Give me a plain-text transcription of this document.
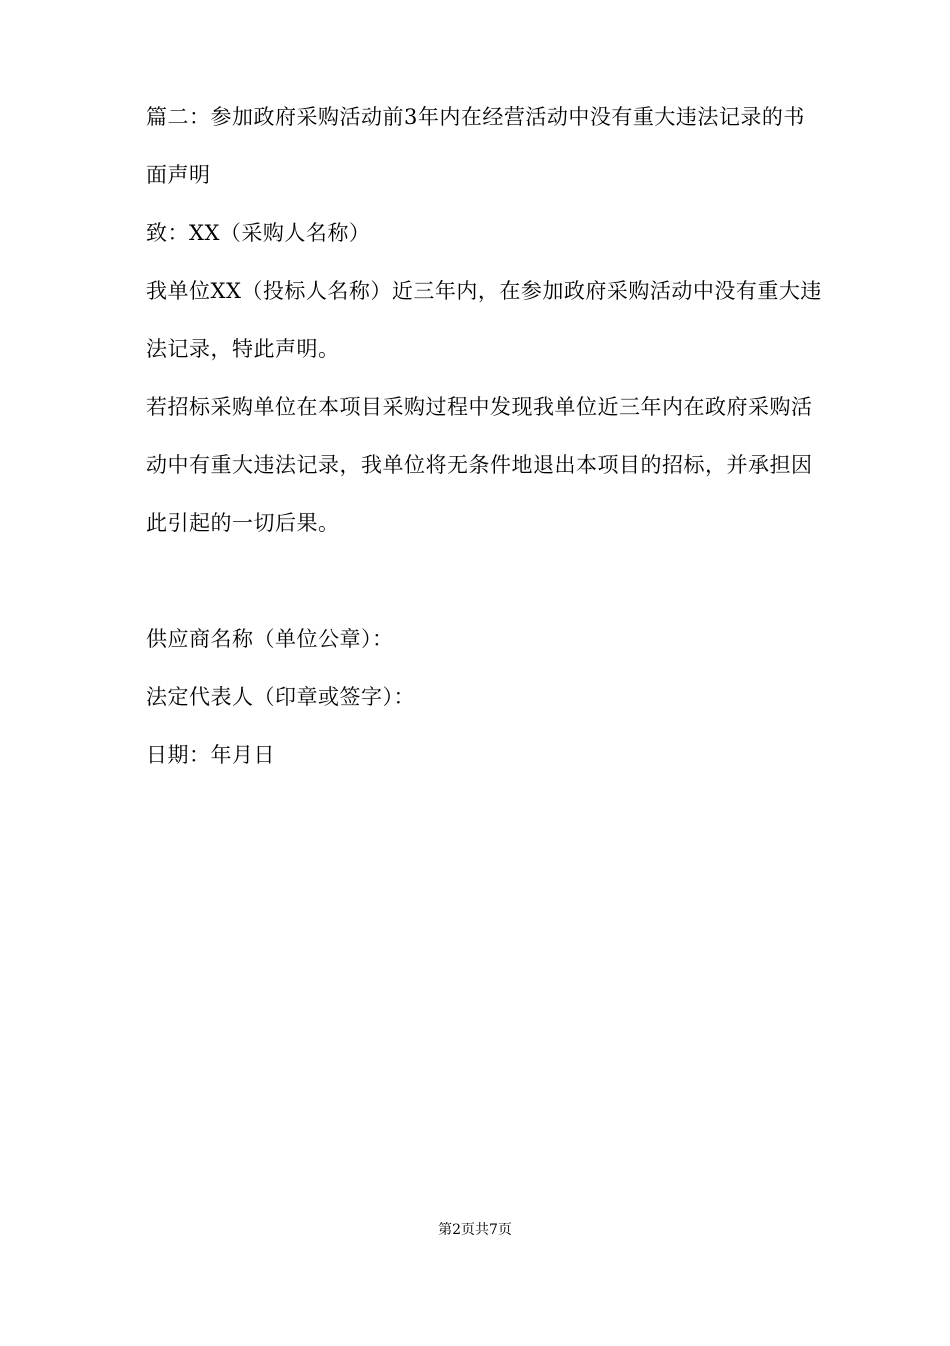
篇二：参加政府采购活动前3年内在经营活动中没有重大违法记录的书面声明

致：XX（采购人名称）

我单位XX（投标人名称）近三年内，在参加政府采购活动中没有重大违法记录，特此声明。

若招标采购单位在本项目采购过程中发现我单位近三年内在政府采购活动中有重大违法记录，我单位将无条件地退出本项目的招标，并承担因此引起的一切后果。

供应商名称（单位公章）：

法定代表人（印章或签字）：

日期：年月日

第2页共7页
